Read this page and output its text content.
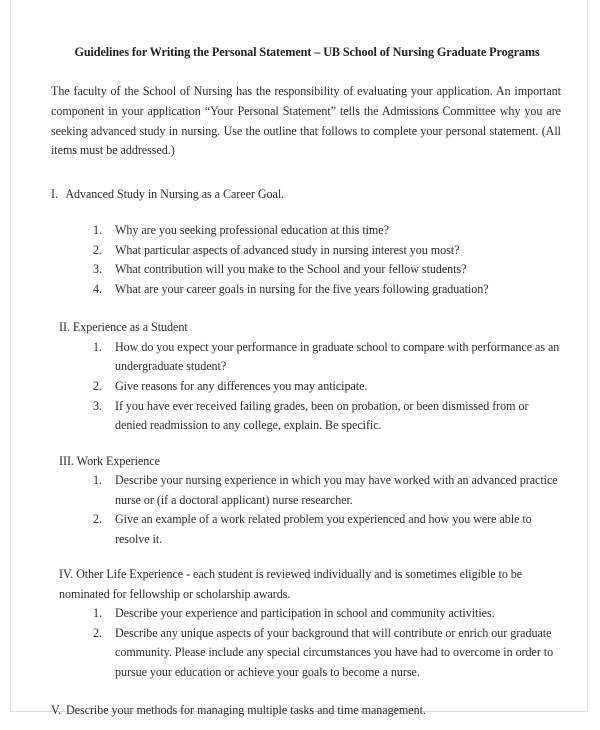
Guidelines for Writing the Personal Statement – UB School of Nursing Graduate Programs

The faculty of the School of Nursing has the responsibility of evaluating your application. An important component in your application “Your Personal Statement” tells the Admissions Committee why you are seeking advanced study in nursing. Use the outline that follows to complete your personal statement. (All items must be addressed.)

I. Advanced Study in Nursing as a Career Goal.
1. Why are you seeking professional education at this time?
2. What particular aspects of advanced study in nursing interest you most?
3. What contribution will you make to the School and your fellow students?
4. What are your career goals in nursing for the five years following graduation?
II. Experience as a Student
1. How do you expect your performance in graduate school to compare with performance as an undergraduate student?
2. Give reasons for any differences you may anticipate.
3. If you have ever received failing grades, been on probation, or been dismissed from or denied readmission to any college, explain. Be specific.
III. Work Experience
1. Describe your nursing experience in which you may have worked with an advanced practice nurse or (if a doctoral applicant) nurse researcher.
2. Give an example of a work related problem you experienced and how you were able to resolve it.
IV. Other Life Experience - each student is reviewed individually and is sometimes eligible to be nominated for fellowship or scholarship awards.
1. Describe your experience and participation in school and community activities.
2. Describe any unique aspects of your background that will contribute or enrich our graduate community. Please include any special circumstances you have had to overcome in order to pursue your education or achieve your goals to become a nurse.
V. Describe your methods for managing multiple tasks and time management.
